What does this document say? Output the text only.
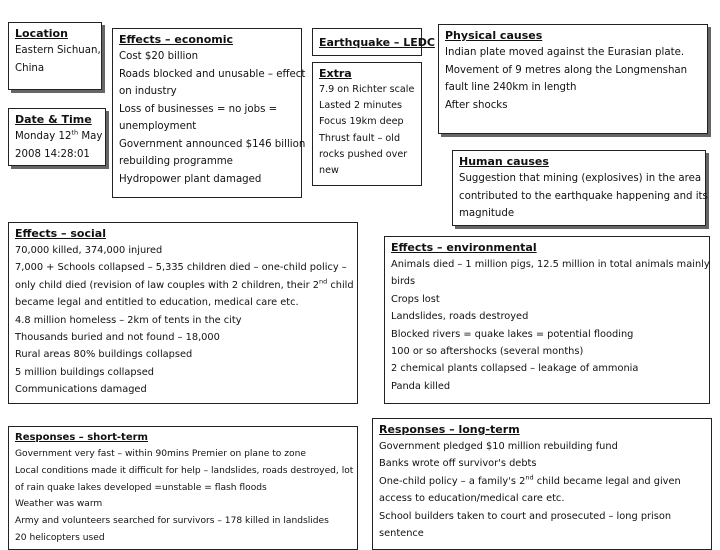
Location
Eastern Sichuan,
China
Date & Time
Monday 12th May
2008 14:28:01
Effects – economic
Cost $20 billion
Roads blocked and unusable – effect
on industry
Loss of businesses = no jobs =
unemployment
Government announced $146 billion
rebuilding programme
Hydropower plant damaged
Earthquake – LEDC
Extra
7.9 on Richter scale
Lasted 2 minutes
Focus 19km deep
Thrust fault – old
rocks pushed over
new
Physical causes
Indian plate moved against the Eurasian plate.
Movement of 9 metres along the Longmenshan
fault line 240km in length
After shocks
Human causes
Suggestion that mining (explosives) in the area
contributed to the earthquake happening and its
magnitude
Effects – social
70,000 killed, 374,000 injured
7,000 + Schools collapsed – 5,335 children died – one-child policy –
only child died (revision of law couples with 2 children, their 2nd child
became legal and entitled to education, medical care etc.
4.8 million homeless – 2km of tents in the city
Thousands buried and not found – 18,000
Rural areas 80% buildings collapsed
5 million buildings collapsed
Communications damaged
Effects – environmental
Animals died – 1 million pigs, 12.5 million in total animals mainly
birds
Crops lost
Landslides, roads destroyed
Blocked rivers = quake lakes = potential flooding
100 or so aftershocks (several months)
2 chemical plants collapsed – leakage of ammonia
Panda killed
Responses – short-term
Government very fast – within 90mins Premier on plane to zone
Local conditions made it difficult for help – landslides, roads destroyed, lot
of rain quake lakes developed =unstable = flash floods
Weather was warm
Army and volunteers searched for survivors – 178 killed in landslides
20 helicopters used
Responses – long-term
Government pledged $10 million rebuilding fund
Banks wrote off survivor's debts
One-child policy – a family's 2nd child became legal and given
access to education/medical care etc.
School builders taken to court and prosecuted – long prison
sentence
